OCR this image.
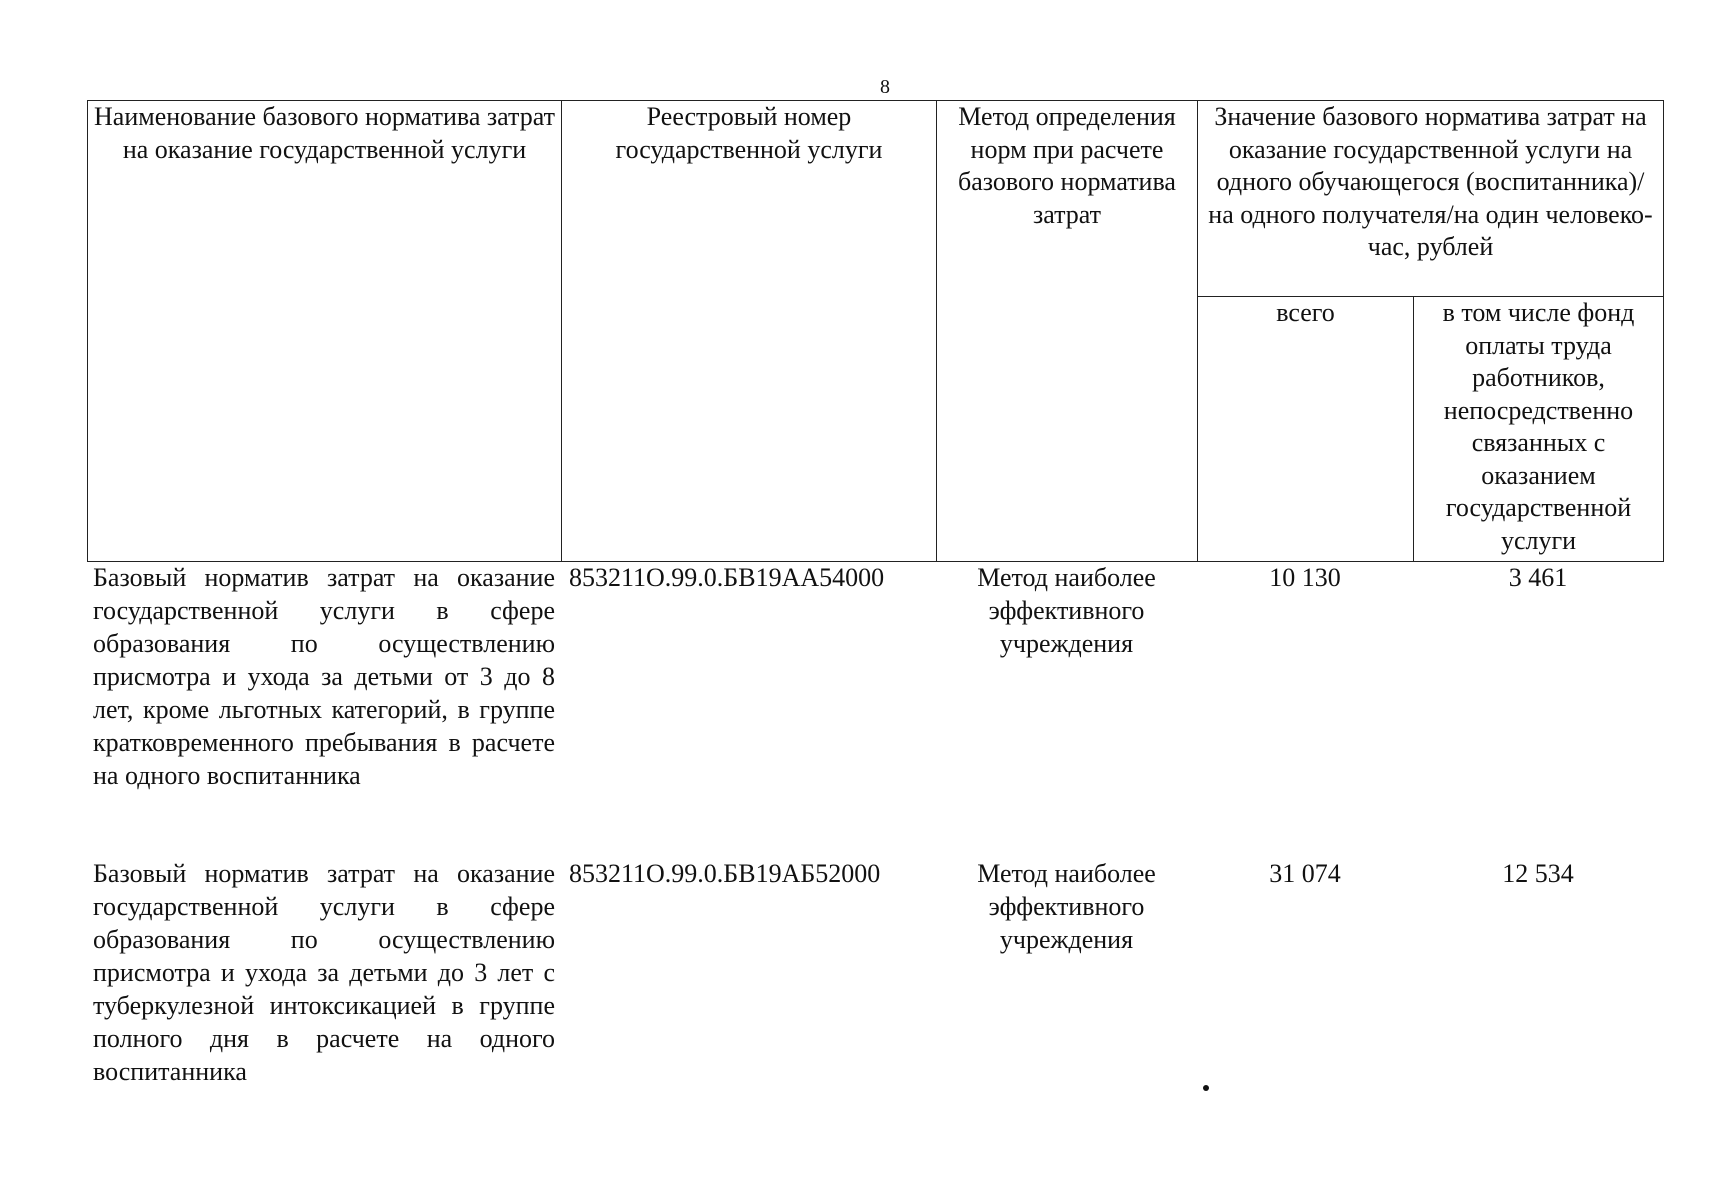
8
Наименование базового норматива затрат на оказание государственной услуги	Реестровый номер государственной услуги	Метод определения норм при расчете базового норматива затрат	Значение базового норматива затрат на оказание государственной услуги на одного обучающегося (воспитанника)/на одного получателя/на один человеко-час, рублей	
			всего	в том числе фонд оплаты труда работников, непосредственно связанных с оказанием государственной услуги
Базовый норматив затрат на оказание государственной услуги в сфере образования по осуществлению присмотра и ухода за детьми от 3 до 8 лет, кроме льготных категорий, в группе кратковременного пребывания в расчете на одного воспитанника	853211О.99.0.БВ19АА54000	Метод наиболее эффективного учреждения	10 130	3 461
Базовый норматив затрат на оказание государственной услуги в сфере образования по осуществлению присмотра и ухода за детьми до 3 лет с туберкулезной интоксикацией в группе полного дня в расчете на одного воспитанника	853211О.99.0.БВ19АБ52000	Метод наиболее эффективного учреждения	31 074	12 534
